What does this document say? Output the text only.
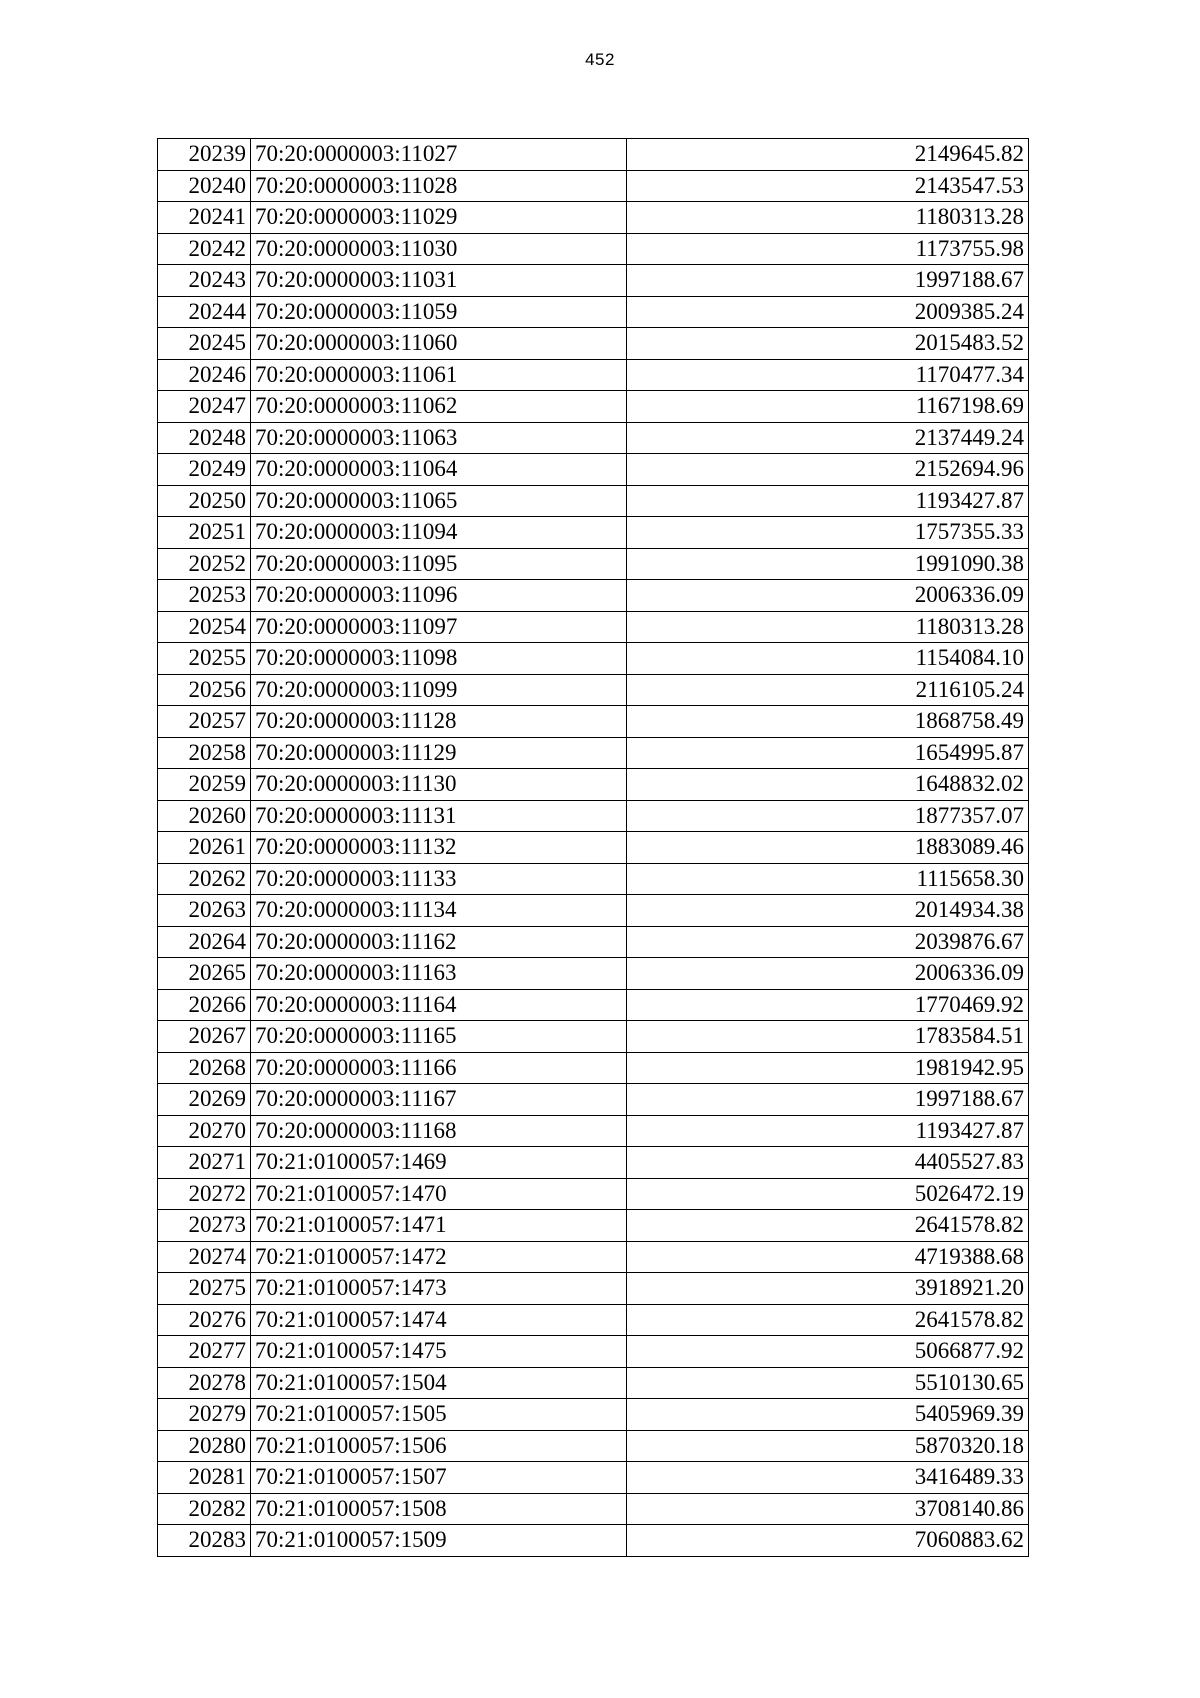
452
20239	70:20:0000003:11027	2149645.82
20240	70:20:0000003:11028	2143547.53
20241	70:20:0000003:11029	1180313.28
20242	70:20:0000003:11030	1173755.98
20243	70:20:0000003:11031	1997188.67
20244	70:20:0000003:11059	2009385.24
20245	70:20:0000003:11060	2015483.52
20246	70:20:0000003:11061	1170477.34
20247	70:20:0000003:11062	1167198.69
20248	70:20:0000003:11063	2137449.24
20249	70:20:0000003:11064	2152694.96
20250	70:20:0000003:11065	1193427.87
20251	70:20:0000003:11094	1757355.33
20252	70:20:0000003:11095	1991090.38
20253	70:20:0000003:11096	2006336.09
20254	70:20:0000003:11097	1180313.28
20255	70:20:0000003:11098	1154084.10
20256	70:20:0000003:11099	2116105.24
20257	70:20:0000003:11128	1868758.49
20258	70:20:0000003:11129	1654995.87
20259	70:20:0000003:11130	1648832.02
20260	70:20:0000003:11131	1877357.07
20261	70:20:0000003:11132	1883089.46
20262	70:20:0000003:11133	1115658.30
20263	70:20:0000003:11134	2014934.38
20264	70:20:0000003:11162	2039876.67
20265	70:20:0000003:11163	2006336.09
20266	70:20:0000003:11164	1770469.92
20267	70:20:0000003:11165	1783584.51
20268	70:20:0000003:11166	1981942.95
20269	70:20:0000003:11167	1997188.67
20270	70:20:0000003:11168	1193427.87
20271	70:21:0100057:1469	4405527.83
20272	70:21:0100057:1470	5026472.19
20273	70:21:0100057:1471	2641578.82
20274	70:21:0100057:1472	4719388.68
20275	70:21:0100057:1473	3918921.20
20276	70:21:0100057:1474	2641578.82
20277	70:21:0100057:1475	5066877.92
20278	70:21:0100057:1504	5510130.65
20279	70:21:0100057:1505	5405969.39
20280	70:21:0100057:1506	5870320.18
20281	70:21:0100057:1507	3416489.33
20282	70:21:0100057:1508	3708140.86
20283	70:21:0100057:1509	7060883.62
